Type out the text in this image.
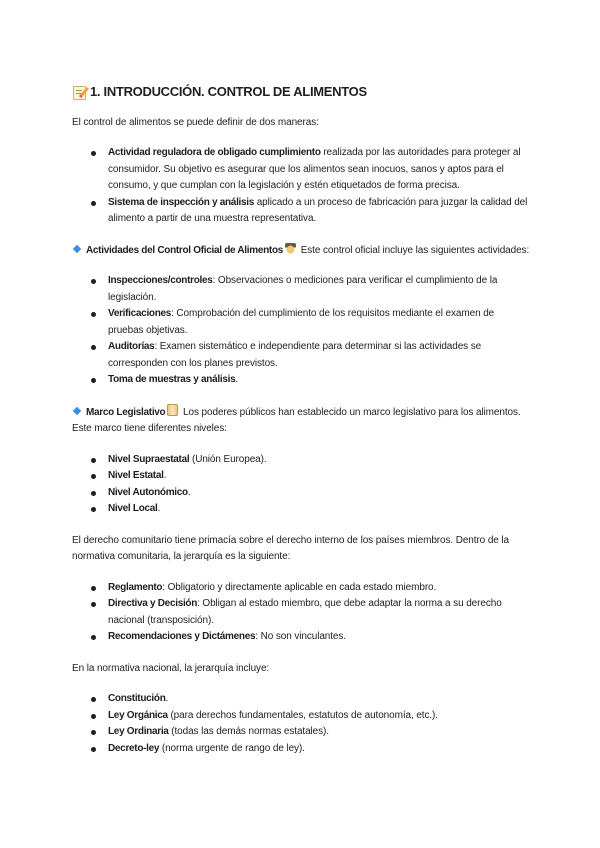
1. INTRODUCCIÓN. CONTROL DE ALIMENTOS

El control de alimentos se puede definir de dos maneras:

Actividad reguladora de obligado cumplimiento realizada por las autoridades para proteger al consumidor. Su objetivo es asegurar que los alimentos sean inocuos, sanos y aptos para el consumo, y que cumplan con la legislación y estén etiquetados de forma precisa.
Sistema de inspección y análisis aplicado a un proceso de fabricación para juzgar la calidad del alimento a partir de una muestra representativa.

Actividades del Control Oficial de Alimentos Este control oficial incluye las siguientes actividades:

Inspecciones/controles: Observaciones o mediciones para verificar el cumplimiento de la legislación.
Verificaciones: Comprobación del cumplimiento de los requisitos mediante el examen de pruebas objetivas.
Auditorías: Examen sistemático e independiente para determinar si las actividades se corresponden con los planes previstos.
Toma de muestras y análisis.

Marco Legislativo Los poderes públicos han establecido un marco legislativo para los alimentos. Este marco tiene diferentes niveles:

Nivel Supraestatal (Unión Europea).
Nivel Estatal.
Nivel Autonómico.
Nivel Local.

El derecho comunitario tiene primacía sobre el derecho interno de los países miembros. Dentro de la normativa comunitaria, la jerarquía es la siguiente:

Reglamento: Obligatorio y directamente aplicable en cada estado miembro.
Directiva y Decisión: Obligan al estado miembro, que debe adaptar la norma a su derecho nacional (transposición).
Recomendaciones y Dictámenes: No son vinculantes.

En la normativa nacional, la jerarquía incluye:

Constitución.
Ley Orgánica (para derechos fundamentales, estatutos de autonomía, etc.).
Ley Ordinaria (todas las demás normas estatales).
Decreto-ley (norma urgente de rango de ley).
